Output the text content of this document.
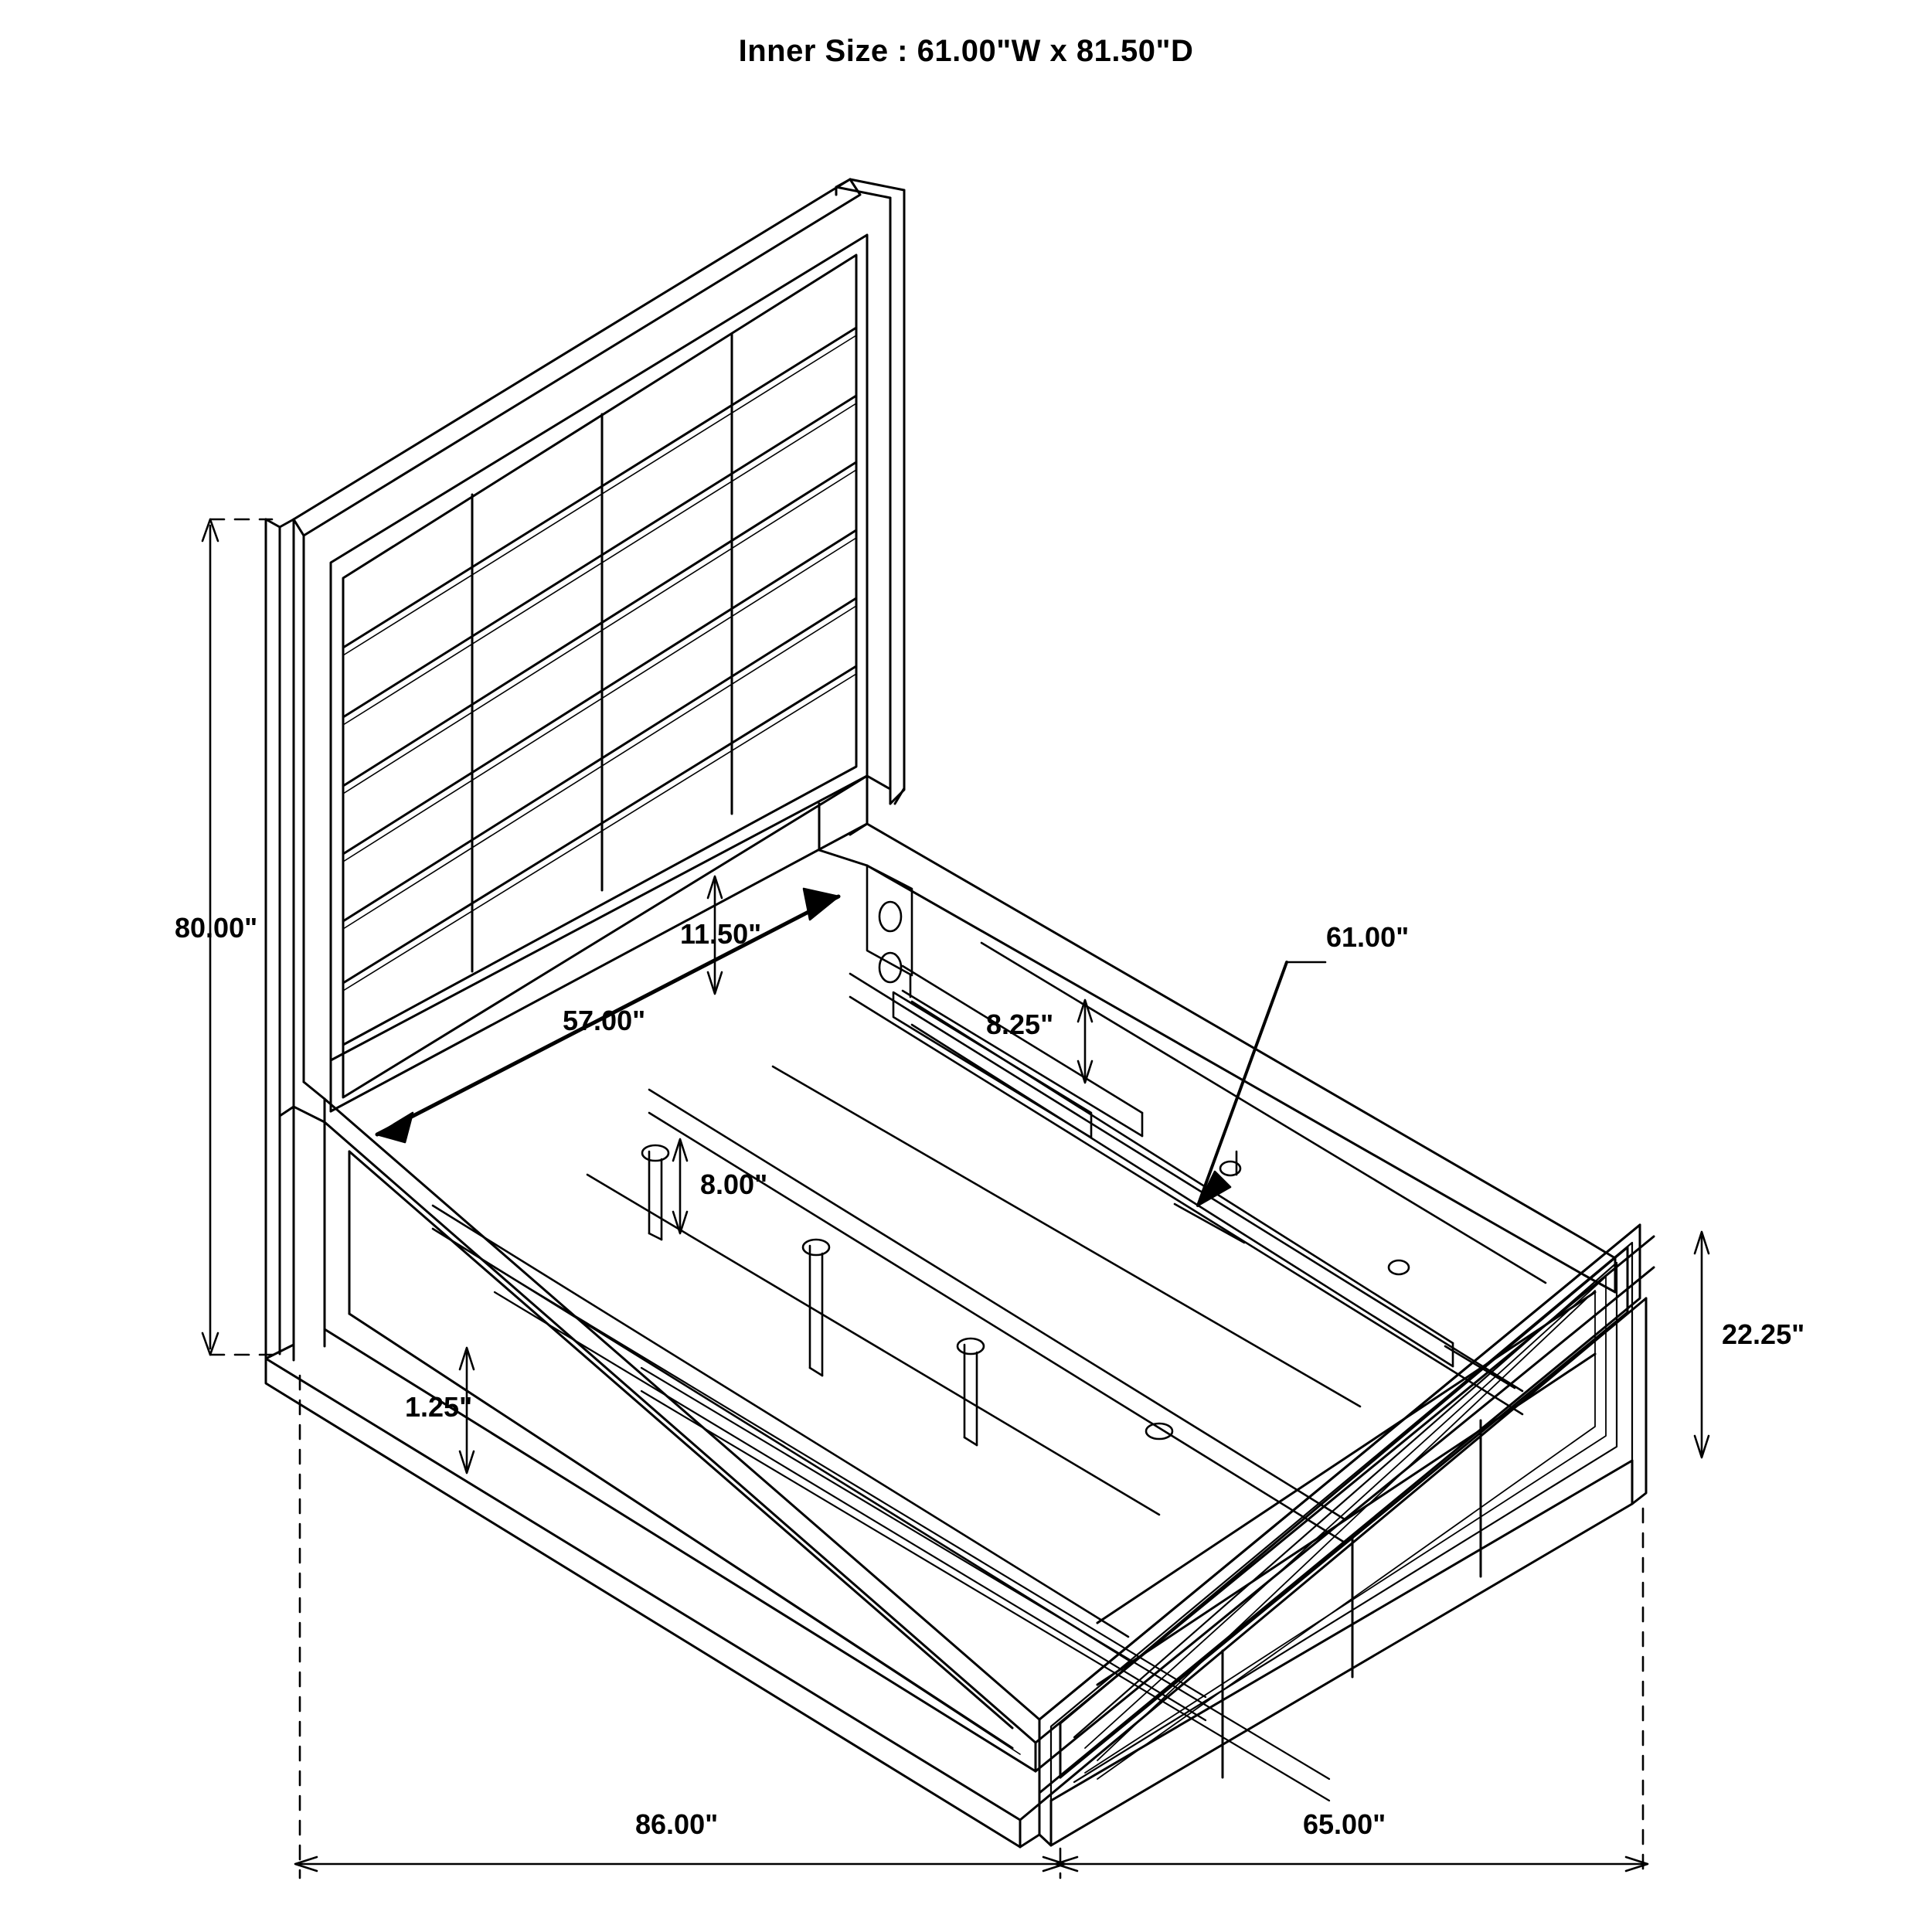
Inner Size : 61.00"W x 81.50"D
80.00"	11.50"
57.00"
8.00"
8.25"
61.00"
1.25"
22.25"
86.00"	65.00"
